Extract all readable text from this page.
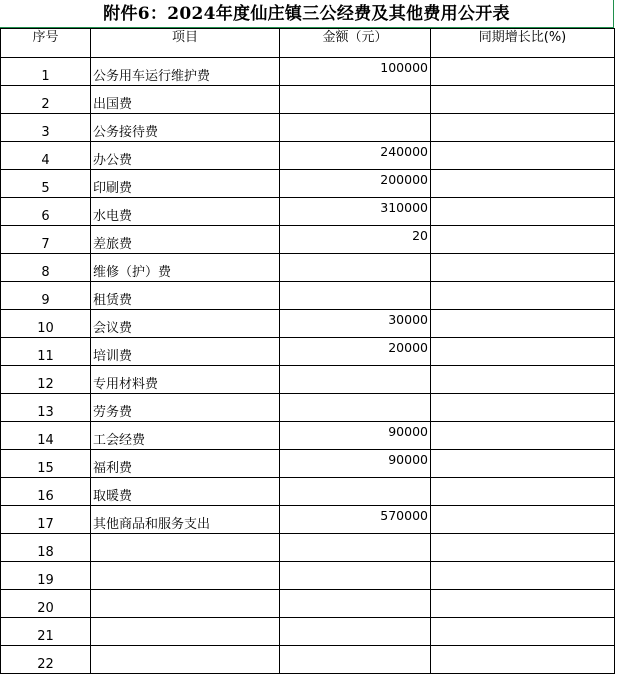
附件6：2024年度仙庄镇三公经费及其他费用公开表
序号	项目	金额（元）	同期增长比(%)
1	公务用车运行维护费	100000	
2	出国费		
3	公务接待费		
4	办公费	240000	
5	印刷费	200000	
6	水电费	310000	
7	差旅费	20	
8	维修（护）费		
9	租赁费		
10	会议费	30000	
11	培训费	20000	
12	专用材料费		
13	劳务费		
14	工会经费	90000	
15	福利费	90000	
16	取暖费		
17	其他商品和服务支出	570000	
18			
19			
20			
21			
22			
